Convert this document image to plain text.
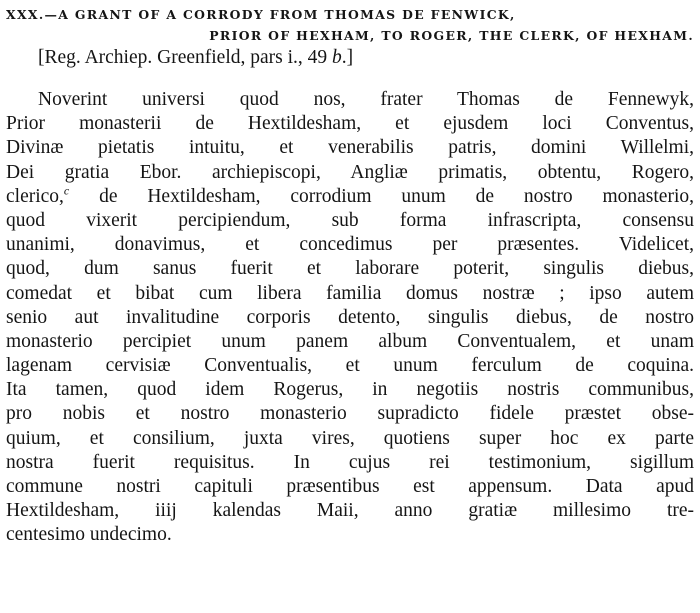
XXX.—A GRANT OF A CORRODY FROM THOMAS DE FENWICK,
PRIOR OF HEXHAM, TO ROGER, THE CLERK, OF HEXHAM.
[Reg. Archiep. Greenfield, pars i., 49 b.]
Noverint universi quod nos, frater Thomas de Fennewyk,
Prior monasterii de Hextildesham, et ejusdem loci Conventus,
Divinæ pietatis intuitu, et venerabilis patris, domini Willelmi,
Dei gratia Ebor. archiepiscopi, Angliæ primatis, obtentu, Rogero,
clerico,$^c$ de Hextildesham, corrodium unum de nostro monasterio,
quod vixerit percipiendum, sub forma infrascripta, consensu
unanimi, donavimus, et concedimus per præsentes. Videlicet,
quod, dum sanus fuerit et laborare poterit, singulis diebus,
comedat et bibat cum libera familia domus nostræ ; ipso autem
senio aut invalitudine corporis detento, singulis diebus, de nostro
monasterio percipiet unum panem album Conventualem, et unam
lagenam cervisiæ Conventualis, et unum ferculum de coquina.
Ita tamen, quod idem Rogerus, in negotiis nostris communibus,
pro nobis et nostro monasterio supradicto fidele præstet obse-
quium, et consilium, juxta vires, quotiens super hoc ex parte
nostra fuerit requisitus. In cujus rei testimonium, sigillum
commune nostri capituli præsentibus est appensum. Data apud
Hextildesham, iiij kalendas Maii, anno gratiæ millesimo tre-
centesimo undecimo.
